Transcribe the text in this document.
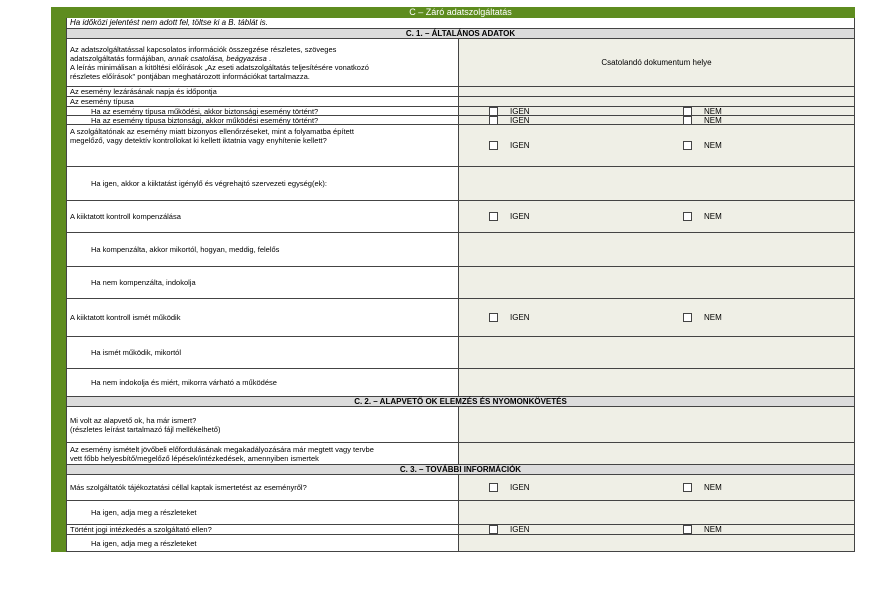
C – Záró adatszolgáltatás
Ha időközi jelentést nem adott fel, töltse ki a B. táblát is.
C. 1. – ÁLTALÁNOS ADATOK
Az adatszolgáltatással kapcsolatos információk összegzése részletes, szöveges
adatszolgáltatás formájában, annak csatolása, beágyazása .
A leírás minimálisan a kitöltési előírások „Az eseti adatszolgáltatás teljesítésére vonatkozó
részletes előírások" pontjában meghatározott információkat tartalmazza.
Csatolandó dokumentum helye
Az esemény lezárásának napja és időpontja
Az esemény típusa
Ha az esemény típusa működési, akkor biztonsági esemény történt?	IGEN	NEM
Ha az esemény típusa biztonsági, akkor működési esemény történt?	IGEN	NEM
A szolgáltatónak az esemény miatt bizonyos ellenőrzéseket, mint a folyamatba épített
megelőző, vagy detektív kontrollokat ki kellett iktatnia vagy enyhítenie kellett?
IGEN	NEM
Ha igen, akkor a kiiktatást igénylő és végrehajtó szervezeti egység(ek):
A kiiktatott kontroll kompenzálása	IGEN	NEM
Ha kompenzálta, akkor mikortól, hogyan, meddig, felelős
Ha nem kompenzálta, indokolja
A kiiktatott kontroll ismét működik	IGEN	NEM
Ha ismét működik, mikortól
Ha nem indokolja és miért, mikorra várható a működése
C. 2. – ALAPVETŐ OK ELEMZÉS ÉS NYOMONKÖVETÉS
Mi volt az alapvető ok, ha már ismert?
(részletes leírást tartalmazó fájl mellékelhető)
Az esemény ismételt jövőbeli előfordulásának megakadályozására már megtett vagy tervbe
vett főbb helyesbítő/megelőző lépések/intézkedések, amennyiben ismertek
C. 3. – TOVÁBBI INFORMÁCIÓK
Más szolgáltatók tájékoztatási céllal kaptak ismertetést az eseményről?	IGEN	NEM
Ha igen, adja meg a részleteket
Történt jogi intézkedés a szolgáltató ellen?	IGEN	NEM
Ha igen, adja meg a részleteket
